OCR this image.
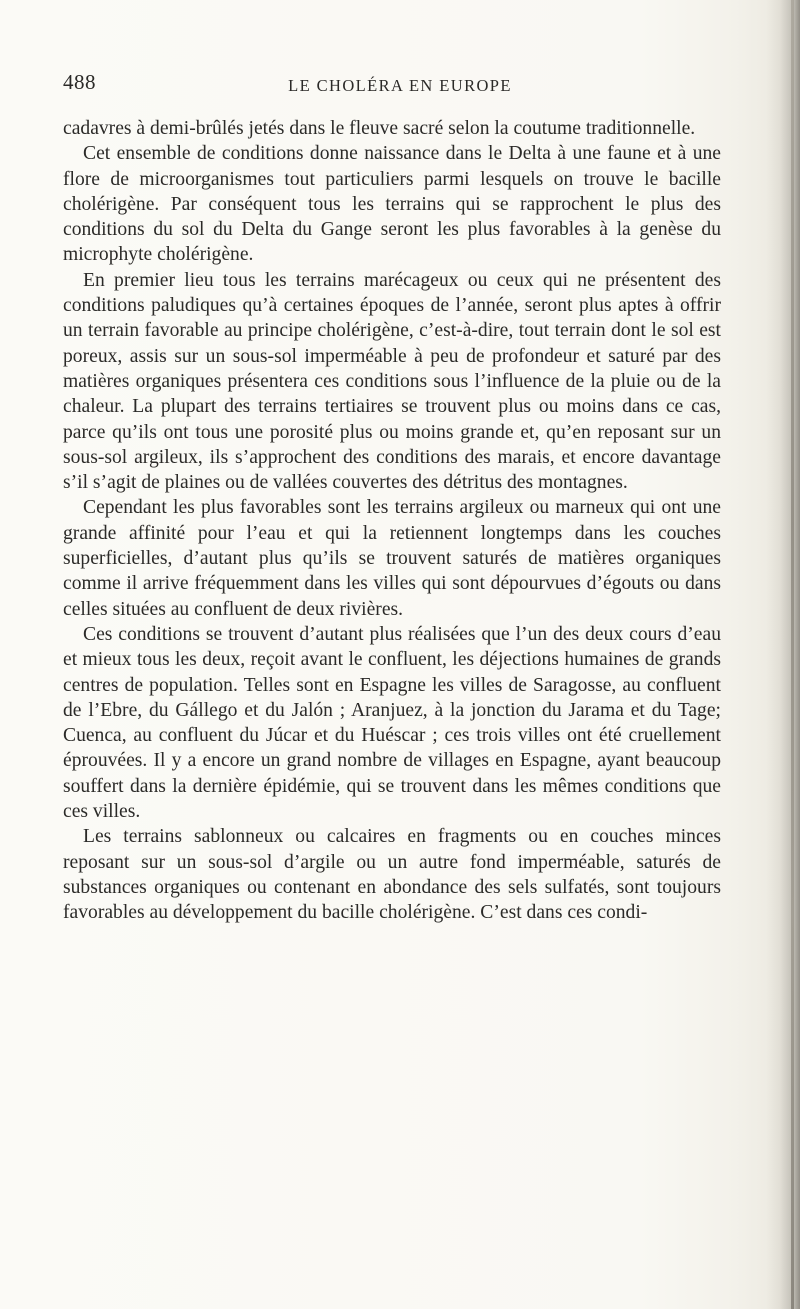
488	LE CHOLÉRA EN EUROPE

cadavres à demi-brûlés jetés dans le fleuve sacré selon la coutume traditionnelle.

Cet ensemble de conditions donne naissance dans le Delta à une faune et à une flore de microorganismes tout particuliers parmi lesquels on trouve le bacille cholérigène. Par conséquent tous les terrains qui se rapprochent le plus des conditions du sol du Delta du Gange seront les plus favorables à la genèse du microphyte cholérigène.

En premier lieu tous les terrains marécageux ou ceux qui ne présentent des conditions paludiques qu’à certaines époques de l’année, seront plus aptes à offrir un terrain favorable au principe cholérigène, c’est-à-dire, tout terrain dont le sol est poreux, assis sur un sous-sol imperméable à peu de profondeur et saturé par des matières organiques présentera ces conditions sous l’influence de la pluie ou de la chaleur. La plupart des terrains tertiaires se trouvent plus ou moins dans ce cas, parce qu’ils ont tous une porosité plus ou moins grande et, qu’en reposant sur un sous-sol argileux, ils s’approchent des conditions des marais, et encore davantage s’il s’agit de plaines ou de vallées couvertes des détritus des montagnes.

Cependant les plus favorables sont les terrains argileux ou marneux qui ont une grande affinité pour l’eau et qui la retiennent longtemps dans les couches superficielles, d’autant plus qu’ils se trouvent saturés de matières organiques comme il arrive fréquemment dans les villes qui sont dépourvues d’égouts ou dans celles situées au confluent de deux rivières.

Ces conditions se trouvent d’autant plus réalisées que l’un des deux cours d’eau et mieux tous les deux, reçoit avant le confluent, les déjections humaines de grands centres de population. Telles sont en Espagne les villes de Saragosse, au confluent de l’Ebre, du Gállego et du Jalón ; Aranjuez, à la jonction du Jarama et du Tage; Cuenca, au confluent du Júcar et du Huéscar ; ces trois villes ont été cruellement éprouvées. Il y a encore un grand nombre de villages en Espagne, ayant beaucoup souffert dans la dernière épidémie, qui se trouvent dans les mêmes conditions que ces villes.

Les terrains sablonneux ou calcaires en fragments ou en couches minces reposant sur un sous-sol d’argile ou un autre fond imperméable, saturés de substances organiques ou contenant en abondance des sels sulfatés, sont toujours favorables au développement du bacille cholérigène. C’est dans ces condi-
